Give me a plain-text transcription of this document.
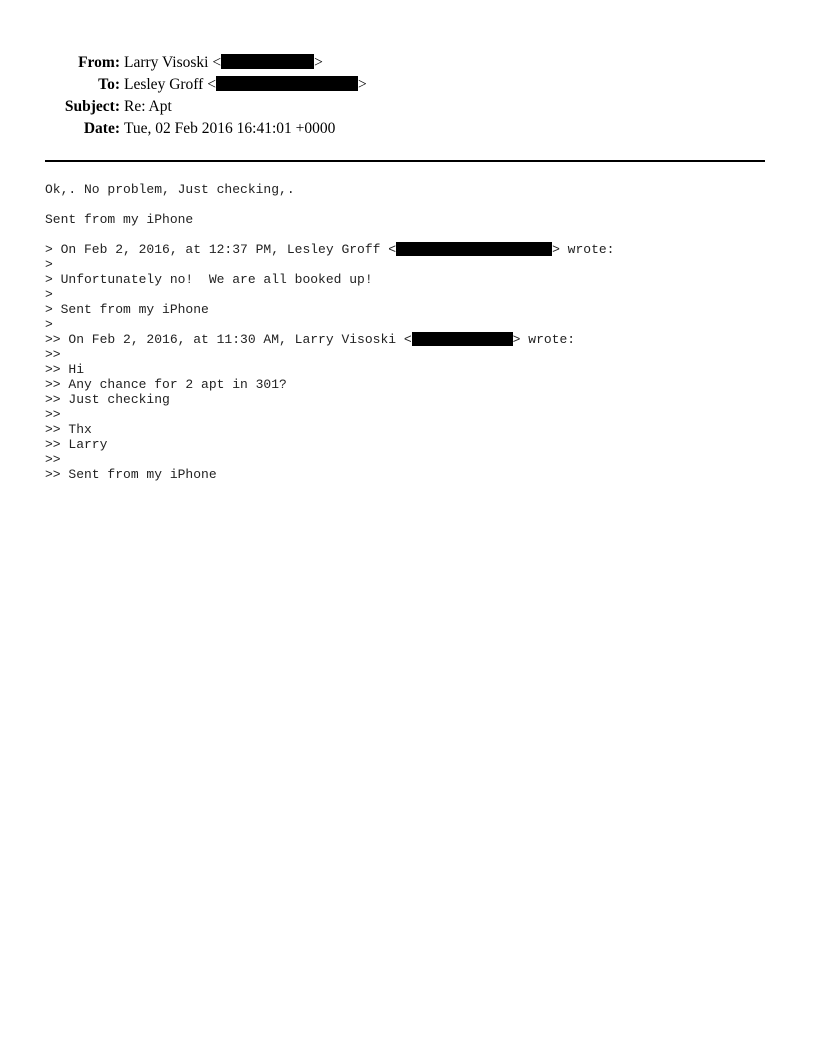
From: Larry Visoski <	>
To: Lesley Groff <	>
Subject: Re: Apt
Date: Tue, 02 Feb 2016 16:41:01 +0000
Ok,. No problem, Just checking,.
Sent from my iPhone
> On Feb 2, 2016, at 12:37 PM, Lesley Groff <	> wrote:
>
> Unfortunately no!  We are all booked up!
>
> Sent from my iPhone
>
>> On Feb 2, 2016, at 11:30 AM, Larry Visoski <	> wrote:
>>
>> Hi
>> Any chance for 2 apt in 301?
>> Just checking
>>
>> Thx
>> Larry
>>
>> Sent from my iPhone
